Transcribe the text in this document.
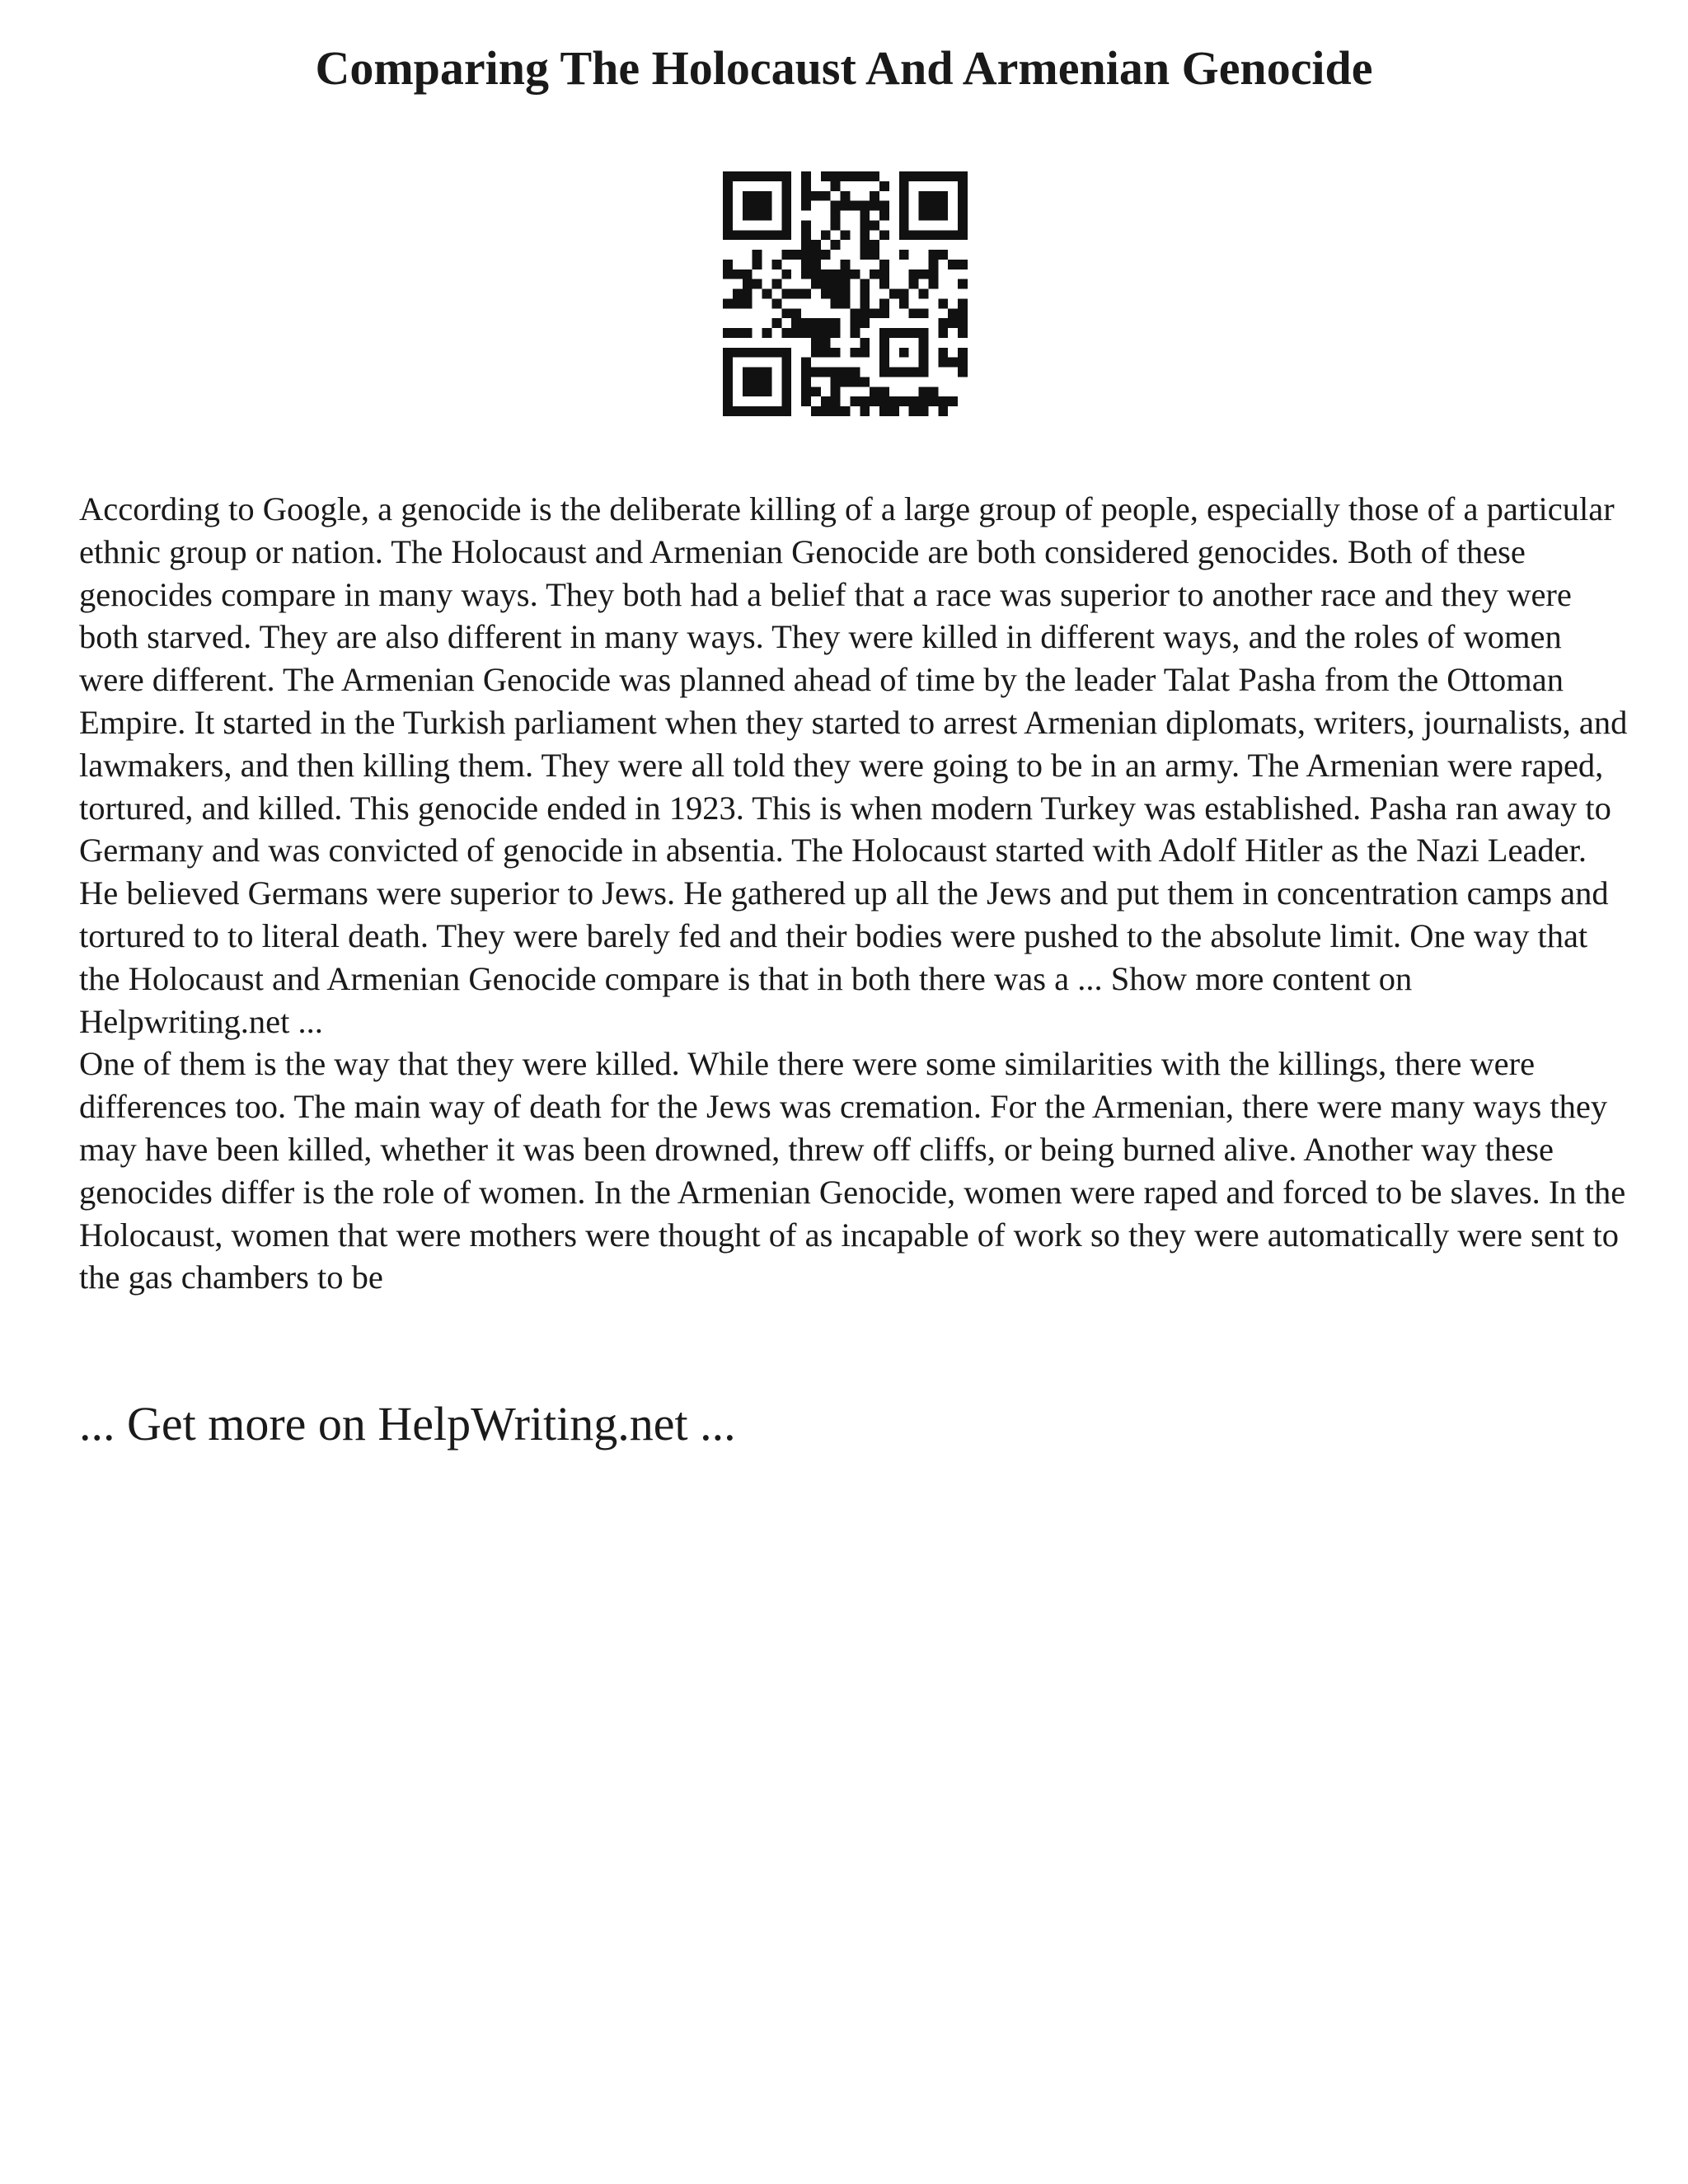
Comparing The Holocaust And Armenian Genocide

According to Google, a genocide is the deliberate killing of a large group of people, especially those of a particular ethnic group or nation. The Holocaust and Armenian Genocide are both considered genocides. Both of these genocides compare in many ways. They both had a belief that a race was superior to another race and they were both starved. They are also different in many ways. They were killed in different ways, and the roles of women were different. The Armenian Genocide was planned ahead of time by the leader Talat Pasha from the Ottoman Empire. It started in the Turkish parliament when they started to arrest Armenian diplomats, writers, journalists, and lawmakers, and then killing them. They were all told they were going to be in an army. The Armenian were raped, tortured, and killed. This genocide ended in 1923. This is when modern Turkey was established. Pasha ran away to Germany and was convicted of genocide in absentia. The Holocaust started with Adolf Hitler as the Nazi Leader. He believed Germans were superior to Jews. He gathered up all the Jews and put them in concentration camps and tortured to to literal death. They were barely fed and their bodies were pushed to the absolute limit. One way that the Holocaust and Armenian Genocide compare is that in both there was a ... Show more content on Helpwriting.net ...

One of them is the way that they were killed. While there were some similarities with the killings, there were differences too. The main way of death for the Jews was cremation. For the Armenian, there were many ways they may have been killed, whether it was been drowned, threw off cliffs, or being burned alive. Another way these genocides differ is the role of women. In the Armenian Genocide, women were raped and forced to be slaves. In the Holocaust, women that were mothers were thought of as incapable of work so they were automatically were sent to the gas chambers to be

... Get more on HelpWriting.net ...
